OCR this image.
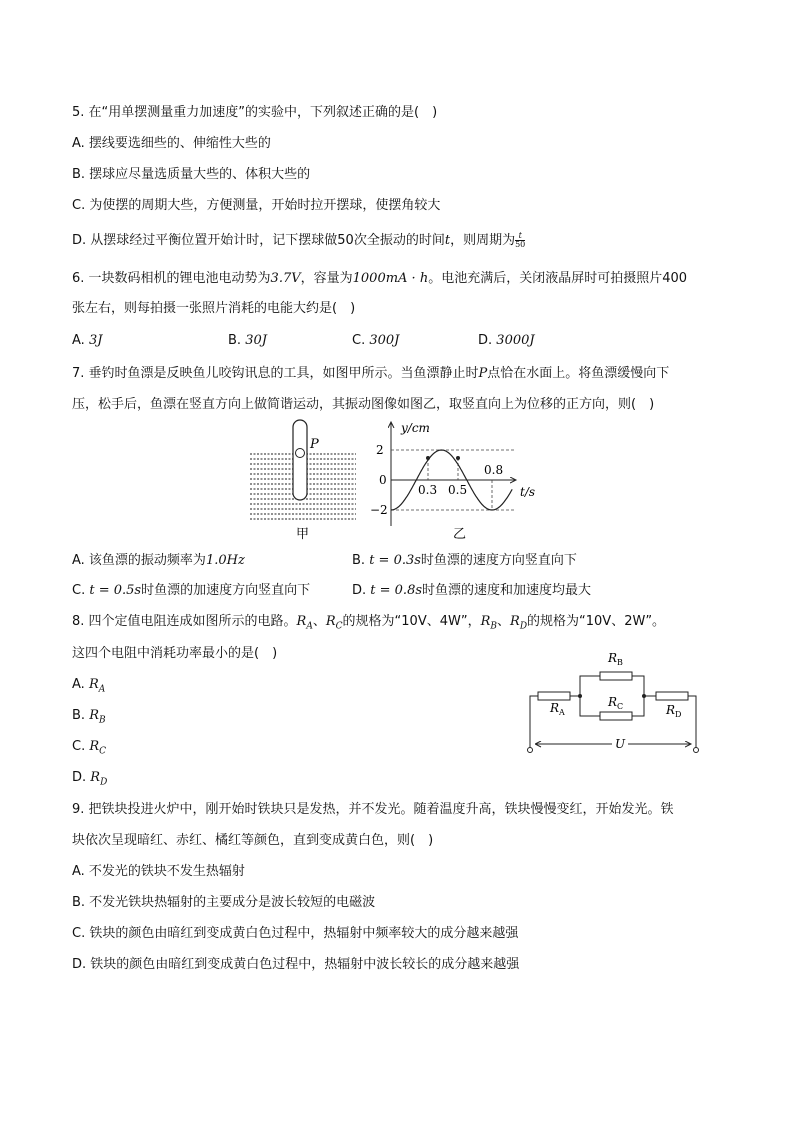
5. 在“用单摆测量重力加速度”的实验中，下列叙述正确的是(　)
A. 摆线要选细些的、伸缩性大些的
B. 摆球应尽量选质量大些的、体积大些的
C. 为使摆的周期大些，方便测量，开始时拉开摆球，使摆角较大
D. 从摆球经过平衡位置开始计时，记下摆球做50次全振动的时间t，则周期为 $\frac{t}{50}$
6. 一块数码相机的锂电池电动势为3.7V，容量为1000mA · h。电池充满后，关闭液晶屏时可拍摄照片400
张左右，则每拍摄一张照片消耗的电能大约是(　)
A. 3J	B. 30J	C. 300J	D. 3000J
7. 垂钓时鱼漂是反映鱼儿咬钩讯息的工具，如图甲所示。当鱼漂静止时P点恰在水面上。将鱼漂缓慢向下
压，松手后，鱼漂在竖直方向上做简谐运动，其振动图像如图乙，取竖直向上为位移的正方向，则(　)
P
甲
y/cm
2
0
−2
0.3 0.5
0.8
t/s
乙
A. 该鱼漂的振动频率为1.0Hz	B. t = 0.3s时鱼漂的速度方向竖直向下
C. t = 0.5s时鱼漂的加速度方向竖直向下	D. t = 0.8s时鱼漂的速度和加速度均最大
8. 四个定值电阻连成如图所示的电路。$R_A$、$R_C$的规格为“10V、4W”，$R_B$、$R_D$的规格为“10V、2W”。
这四个电阻中消耗功率最小的是(　)
A. $R_A$
B. $R_B$
C. $R_C$
D. $R_D$
$R_B$
$R_A$
$R_C$	$R_D$
U
9. 把铁块投进火炉中，刚开始时铁块只是发热，并不发光。随着温度升高，铁块慢慢变红，开始发光。铁
块依次呈现暗红、赤红、橘红等颜色，直到变成黄白色，则(　)
A. 不发光的铁块不发生热辐射
B. 不发光铁块热辐射的主要成分是波长较短的电磁波
C. 铁块的颜色由暗红到变成黄白色过程中，热辐射中频率较大的成分越来越强
D. 铁块的颜色由暗红到变成黄白色过程中，热辐射中波长较长的成分越来越强
